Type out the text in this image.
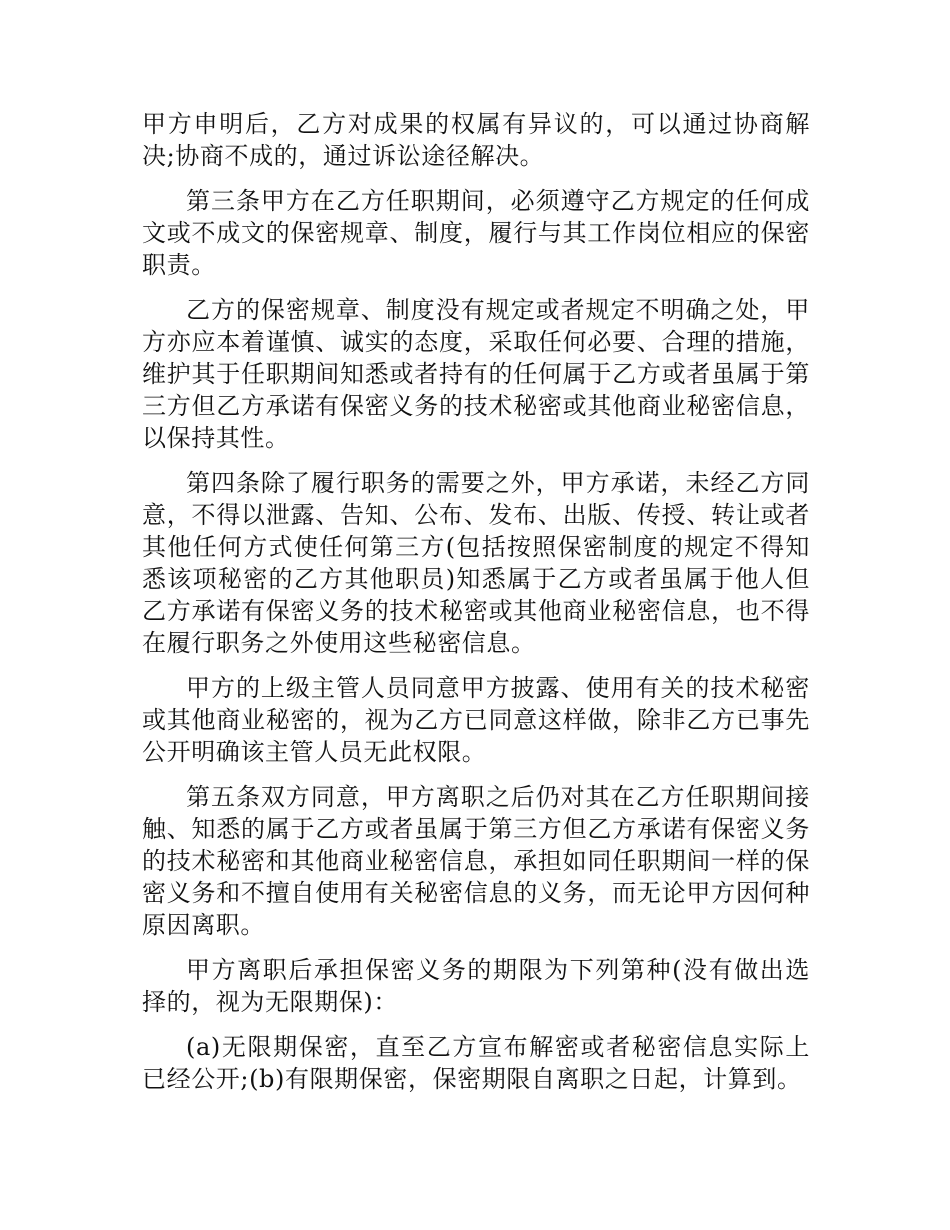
甲方申明后，乙方对成果的权属有异议的，可以通过协商解决;协商不成的，通过诉讼途径解决。

第三条甲方在乙方任职期间，必须遵守乙方规定的任何成文或不成文的保密规章、制度，履行与其工作岗位相应的保密职责。

乙方的保密规章、制度没有规定或者规定不明确之处，甲方亦应本着谨慎、诚实的态度，采取任何必要、合理的措施，维护其于任职期间知悉或者持有的任何属于乙方或者虽属于第三方但乙方承诺有保密义务的技术秘密或其他商业秘密信息，以保持其性。

第四条除了履行职务的需要之外，甲方承诺，未经乙方同意，不得以泄露、告知、公布、发布、出版、传授、转让或者其他任何方式使任何第三方(包括按照保密制度的规定不得知悉该项秘密的乙方其他职员)知悉属于乙方或者虽属于他人但乙方承诺有保密义务的技术秘密或其他商业秘密信息，也不得在履行职务之外使用这些秘密信息。

甲方的上级主管人员同意甲方披露、使用有关的技术秘密或其他商业秘密的，视为乙方已同意这样做，除非乙方已事先公开明确该主管人员无此权限。

第五条双方同意，甲方离职之后仍对其在乙方任职期间接触、知悉的属于乙方或者虽属于第三方但乙方承诺有保密义务的技术秘密和其他商业秘密信息，承担如同任职期间一样的保密义务和不擅自使用有关秘密信息的义务，而无论甲方因何种原因离职。

甲方离职后承担保密义务的期限为下列第种(没有做出选择的，视为无限期保)：

(a)无限期保密，直至乙方宣布解密或者秘密信息实际上已经公开;(b)有限期保密，保密期限自离职之日起，计算到。
